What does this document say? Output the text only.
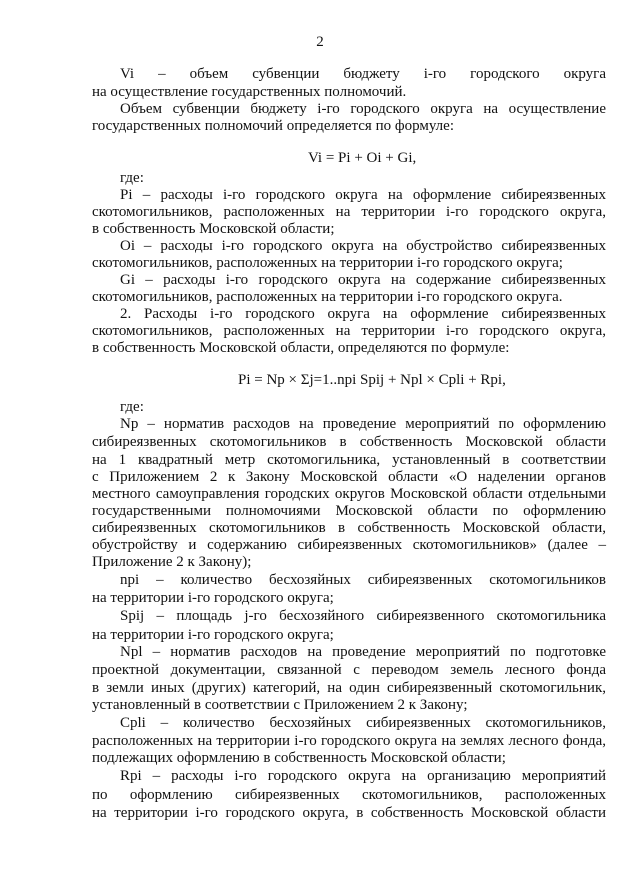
2

Vi – объем субвенции бюджету i-го городского округа

на осуществление государственных полномочий.

Объем субвенции бюджету i-го городского округа на осуществление

государственных полномочий определяется по формуле:

Vi = Pi + Oi + Gi,

где:

Pi – расходы i-го городского округа на оформление сибиреязвенных

скотомогильников, расположенных на территории i-го городского округа,

в собственность Московской области;

Oi – расходы i-го городского округа на обустройство сибиреязвенных

скотомогильников, расположенных на территории i-го городского округа;

Gi – расходы i-го городского округа на содержание сибиреязвенных

скотомогильников, расположенных на территории i-го городского округа.

2. Расходы i-го городского округа на оформление сибиреязвенных

скотомогильников, расположенных на территории i-го городского округа,

в собственность Московской области, определяются по формуле:

Pi = Np × Σj=1..npi Spij + Npl × Cpli + Rpi,

где:

Np – норматив расходов на проведение мероприятий по оформлению

сибиреязвенных скотомогильников в собственность Московской области

на 1 квадратный метр скотомогильника, установленный в соответствии

с Приложением 2 к Закону Московской области «О наделении органов

местного самоуправления городских округов Московской области отдельными

государственными полномочиями Московской области по оформлению

сибиреязвенных скотомогильников в собственность Московской области,

обустройству и содержанию сибиреязвенных скотомогильников» (далее –

Приложение 2 к Закону);

npi – количество бесхозяйных сибиреязвенных скотомогильников

на территории i-го городского округа;

Spij – площадь j-го бесхозяйного сибиреязвенного скотомогильника

на территории i-го городского округа;

Npl – норматив расходов на проведение мероприятий по подготовке

проектной документации, связанной с переводом земель лесного фонда

в земли иных (других) категорий, на один сибиреязвенный скотомогильник,

установленный в соответствии с Приложением 2 к Закону;

Cpli – количество бесхозяйных сибиреязвенных скотомогильников,

расположенных на территории i-го городского округа на землях лесного фонда,

подлежащих оформлению в собственность Московской области;

Rpi – расходы i-го городского округа на организацию мероприятий

по оформлению сибиреязвенных скотомогильников, расположенных

на территории i-го городского округа, в собственность Московской области
